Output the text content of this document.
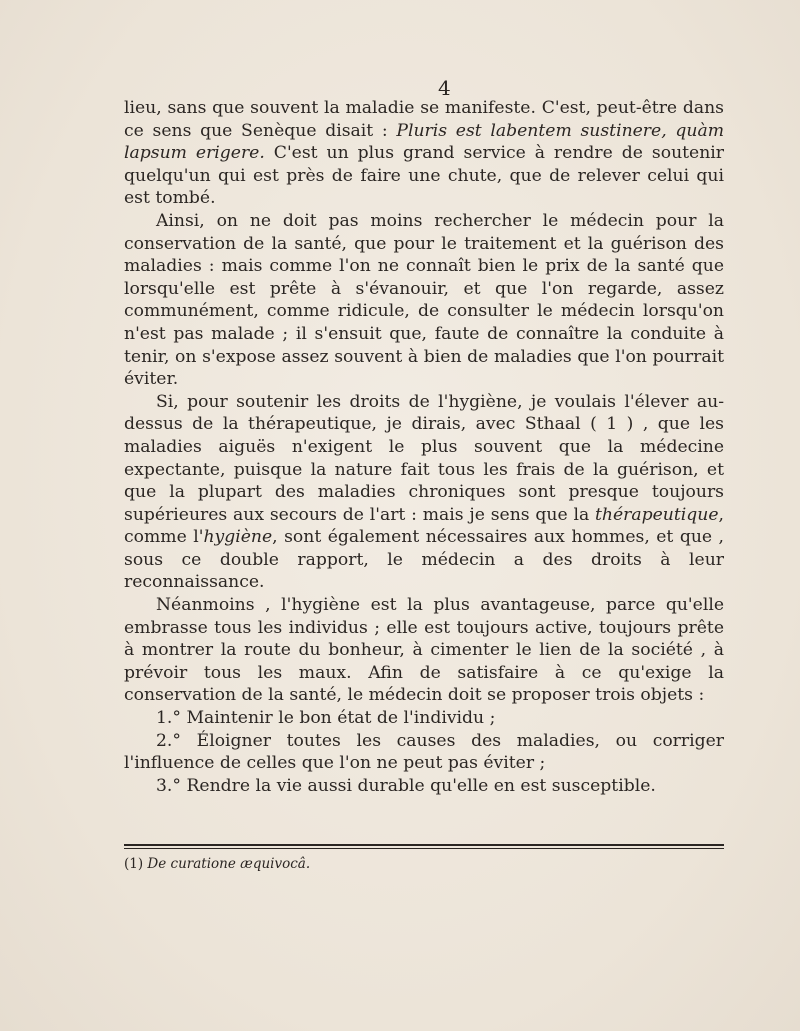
4

lieu, sans que souvent la maladie se manifeste. C'est, peut-être dans ce sens que Senèque disait : Pluris est labentem sustinere, quàm lapsum erigere. C'est un plus grand service à rendre de soutenir quelqu'un qui est près de faire une chute, que de relever celui qui est tombé.

Ainsi, on ne doit pas moins rechercher le médecin pour la conservation de la santé, que pour le traitement et la guérison des maladies : mais comme l'on ne connaît bien le prix de la santé que lorsqu'elle est prête à s'évanouir, et que l'on regarde, assez communément, comme ridicule, de consulter le médecin lorsqu'on n'est pas malade ; il s'ensuit que, faute de connaître la conduite à tenir, on s'expose assez souvent à bien de maladies que l'on pourrait éviter.

Si, pour soutenir les droits de l'hygiène, je voulais l'élever au-dessus de la thérapeutique, je dirais, avec Sthaal ( 1 ) , que les maladies aiguës n'exigent le plus souvent que la médecine expectante, puisque la nature fait tous les frais de la guérison, et que la plupart des maladies chroniques sont presque toujours supérieures aux secours de l'art : mais je sens que la thérapeutique, comme l'hygiène, sont également nécessaires aux hommes, et que , sous ce double rapport, le médecin a des droits à leur reconnaissance.

Néanmoins , l'hygiène est la plus avantageuse, parce qu'elle embrasse tous les individus ; elle est toujours active, toujours prête à montrer la route du bonheur, à cimenter le lien de la société , à prévoir tous les maux. Afin de satisfaire à ce qu'exige la conservation de la santé, le médecin doit se proposer trois objets :

1.° Maintenir le bon état de l'individu ;

2.° Éloigner toutes les causes des maladies, ou corriger l'influence de celles que l'on ne peut pas éviter ;

3.° Rendre la vie aussi durable qu'elle en est susceptible.

(1) De curatione æquivocâ.
